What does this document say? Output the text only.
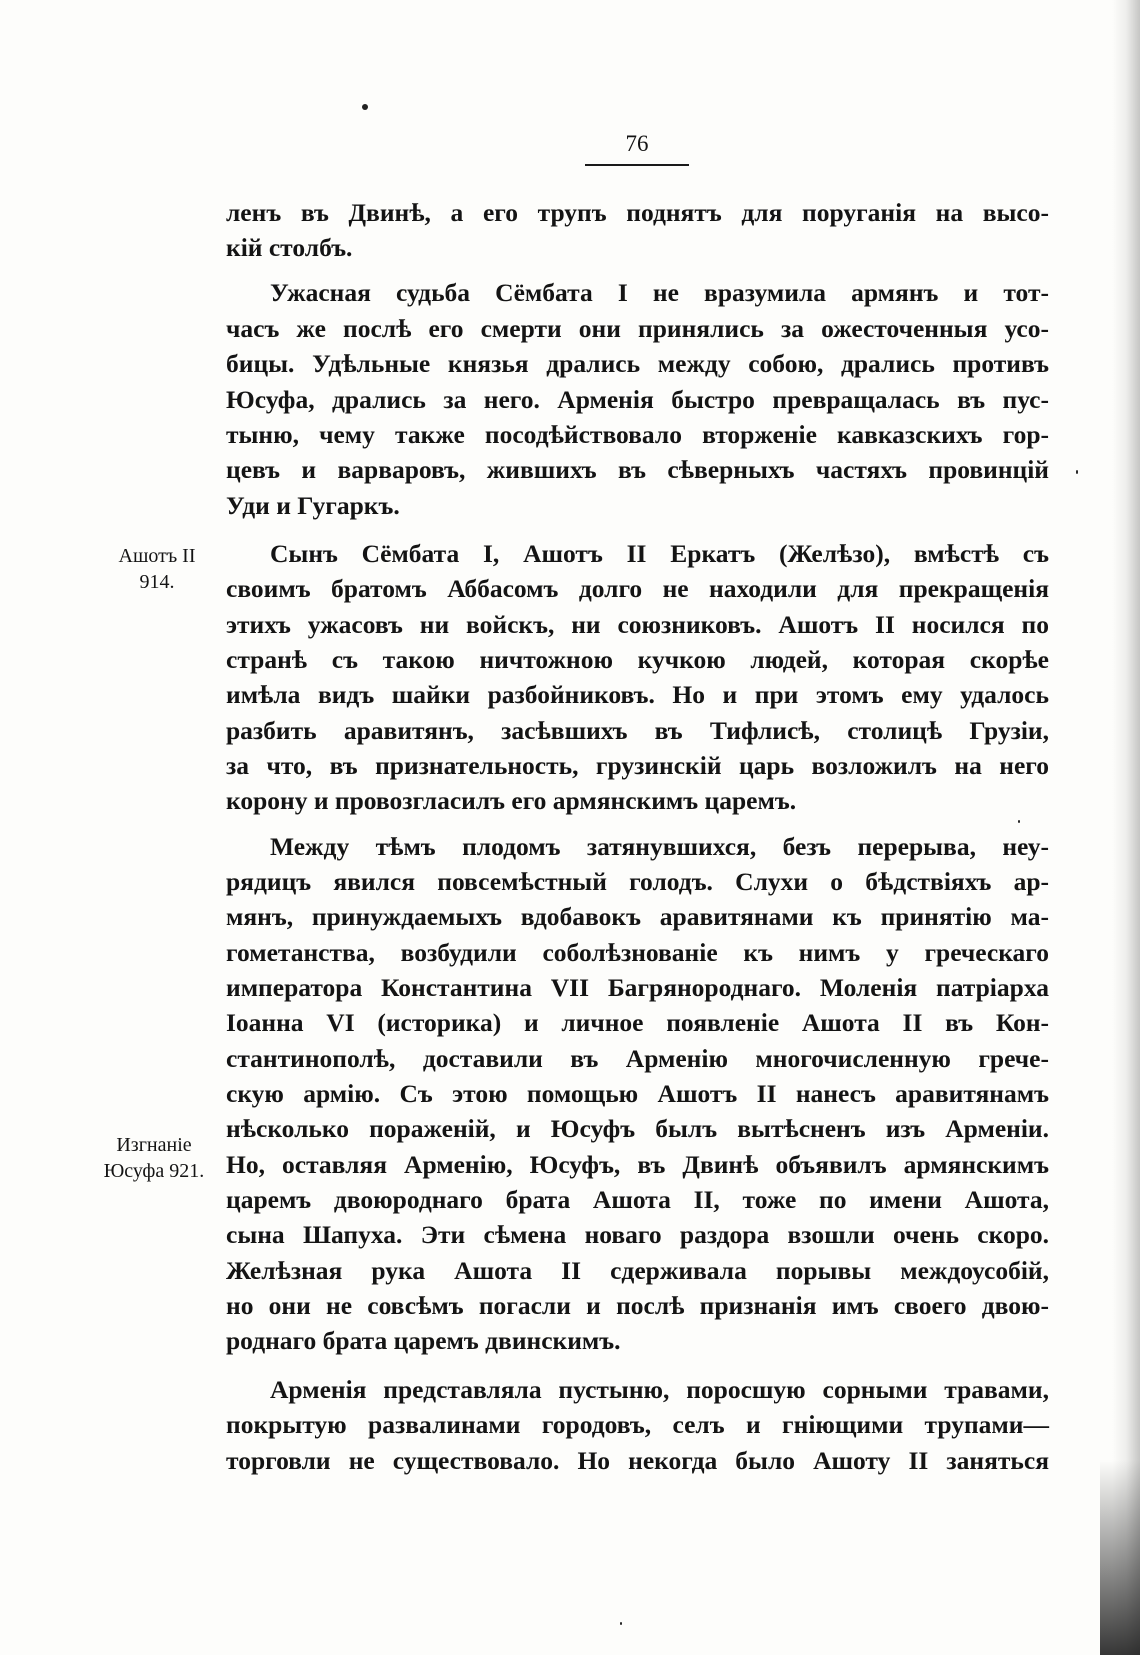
76
Ашотъ II
914.
Изгнаніе
Юсуфа 921.
ленъ въ Двинѣ, а его трупъ поднятъ для поруганія на высо-
кій столбъ.
Ужасная судьба Сёмбата I не вразумила армянъ и тот-
часъ же послѣ его смерти они принялись за ожесточенныя усо-
бицы. Удѣльные князья дрались между собою, дрались противъ
Юсуфа, дрались за него. Арменія быстро превращалась въ пус-
тыню, чему также посодѣйствовало вторженіе кавказскихъ гор-
цевъ и варваровъ, жившихъ въ сѣверныхъ частяхъ провинцій
Уди и Гугаркъ.
Сынъ Сёмбата I, Ашотъ II Еркатъ (Желѣзо), вмѣстѣ съ
своимъ братомъ Аббасомъ долго не находили для прекращенія
этихъ ужасовъ ни войскъ, ни союзниковъ. Ашотъ II носился по
странѣ съ такою ничтожною кучкою людей, которая скорѣе
имѣла видъ шайки разбойниковъ. Но и при этомъ ему удалось
разбить аравитянъ, засѣвшихъ въ Тифлисѣ, столицѣ Грузіи,
за что, въ признательность, грузинскій царь возложилъ на него
корону и провозгласилъ его армянскимъ царемъ.
Между тѣмъ плодомъ затянувшихся, безъ перерыва, неу-
рядицъ явился повсемѣстный голодъ. Слухи о бѣдствіяхъ ар-
мянъ, принуждаемыхъ вдобавокъ аравитянами къ принятію ма-
гометанства, возбудили соболѣзнованіе къ нимъ у греческаго
императора Константина VII Багрянороднаго. Моленія патріарха
Іоанна VI (историка) и личное появленіе Ашота II въ Кон-
стантинополѣ, доставили въ Арменію многочисленную грече-
скую армію. Съ этою помощью Ашотъ II нанесъ аравитянамъ
нѣсколько пораженій, и Юсуфъ былъ вытѣсненъ изъ Арменіи.
Но, оставляя Арменію, Юсуфъ, въ Двинѣ объявилъ армянскимъ
царемъ двоюроднаго брата Ашота II, тоже по имени Ашота,
сына Шапуха. Эти сѣмена новаго раздора взошли очень скоро.
Желѣзная рука Ашота II сдерживала порывы междоусобій,
но они не совсѣмъ погасли и послѣ признанія имъ своего двою-
роднаго брата царемъ двинскимъ.
Арменія представляла пустыню, поросшую сорными травами,
покрытую развалинами городовъ, селъ и гніющими трупами—
торговли не существовало. Но некогда было Ашоту II заняться
